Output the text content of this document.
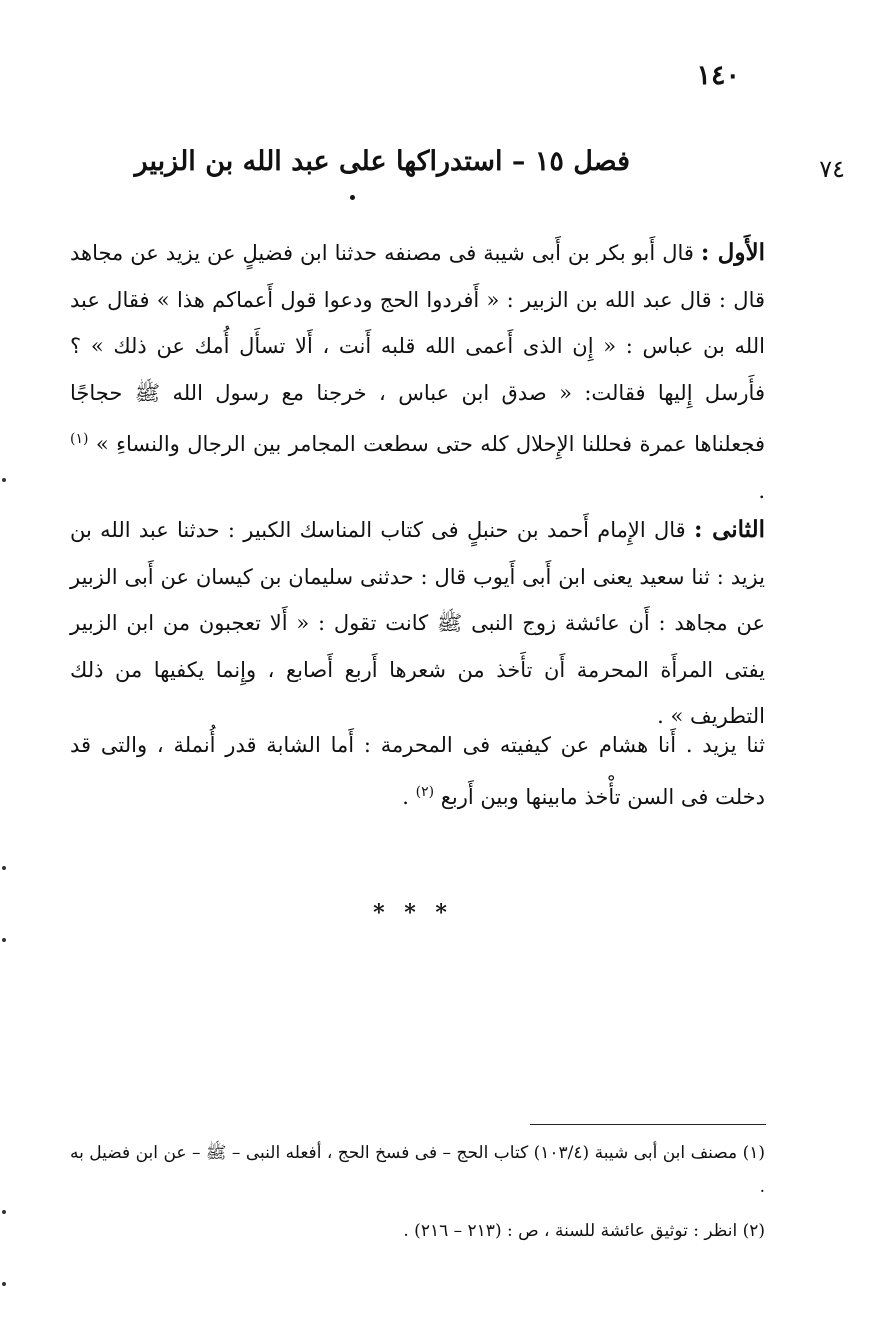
١٤٠
٧٤
فصل ١٥ – استدراكها على عبد الله بن الزبير
الأَول : قال أَبو بكر بن أَبى شيبة فى مصنفه حدثنا ابن فضيلٍ عن يزيد عن مجاهد قال : قال عبد الله بن الزبير : « أَفردوا الحج ودعوا قول أَعماكم هذا » فقال عبد الله بن عباس : « إِن الذى أَعمى الله قلبه أَنت ، أَلا تسأَل أُمك عن ذلك » ؟ فأَرسل إِليها فقالت: « صدق ابن عباس ، خرجنا مع رسول الله ﷺ حجاجًا فجعلناها عمرة فحللنا الإِحلال كله حتى سطعت المجامر بين الرجال والنساءِ » $^{(١)}$ .
الثانى : قال الإِمام أَحمد بن حنبلٍ فى كتاب المناسك الكبير : حدثنا عبد الله بن يزيد : ثنا سعيد يعنى ابن أَبى أَيوب قال : حدثنى سليمان بن كيسان عن أَبى الزبير عن مجاهد : أَن عائشة زوج النبى ﷺ كانت تقول : « أَلا تعجبون من ابن الزبير يفتى المرأَة المحرمة أَن تأَخذ من شعرها أَربع أَصابع ، وإِنما يكفيها من ذلك التطريف » .
ثنا يزيد . أَنا هشام عن كيفيته فى المحرمة : أَما الشابة قدر أُنملة ، والتى قد دخلت فى السن تأْخذ مابينها وبين أَربع $^{(٢)}$ .
* * *

(١) مصنف ابن أبى شيبة (١٠٣/٤) كتاب الحج – فى فسخ الحج ، أفعله النبى – ﷺ – عن ابن فضيل به .

(٢) انظر : توثيق عائشة للسنة ، ص : (٢١٣ – ٢١٦) .
